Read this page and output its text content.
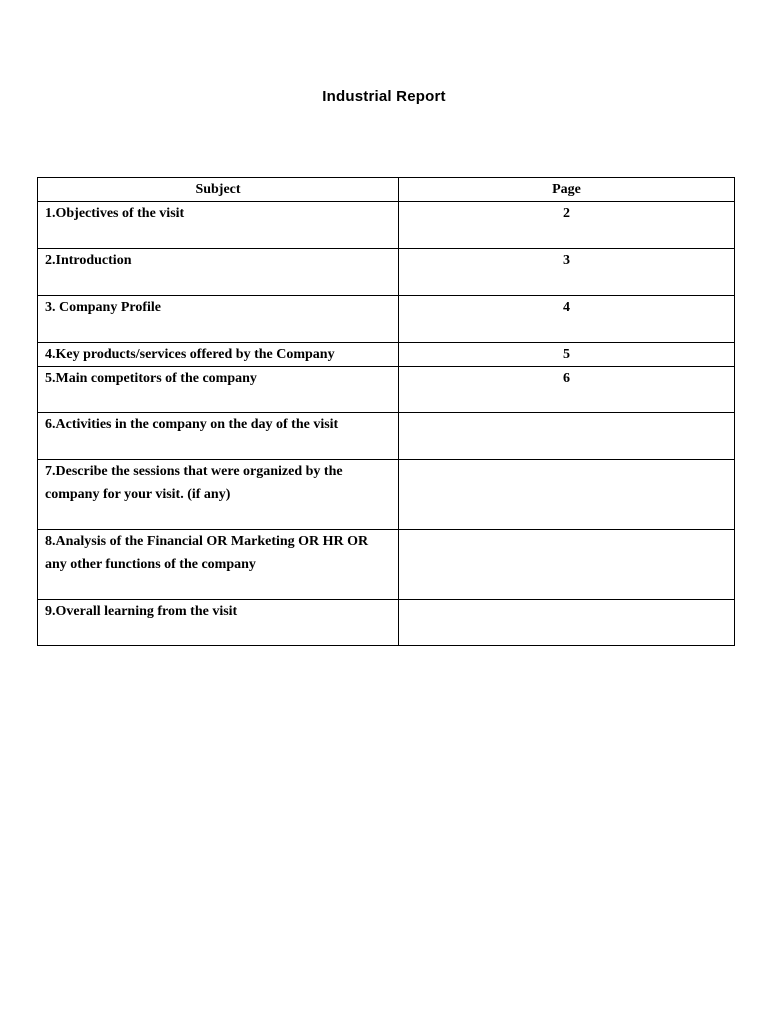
Industrial Report
Subject	Page
1.Objectives of the visit	2
2.Introduction	3
3. Company Profile	4
4.Key products/services offered by the Company	5
5.Main competitors of the company	6
6.Activities in the company on the day of the visit	
7.Describe the sessions that were organized by the company for your visit. (if any)	
8.Analysis of the Financial OR Marketing OR HR OR any other functions of the company	
9.Overall learning from the visit	
